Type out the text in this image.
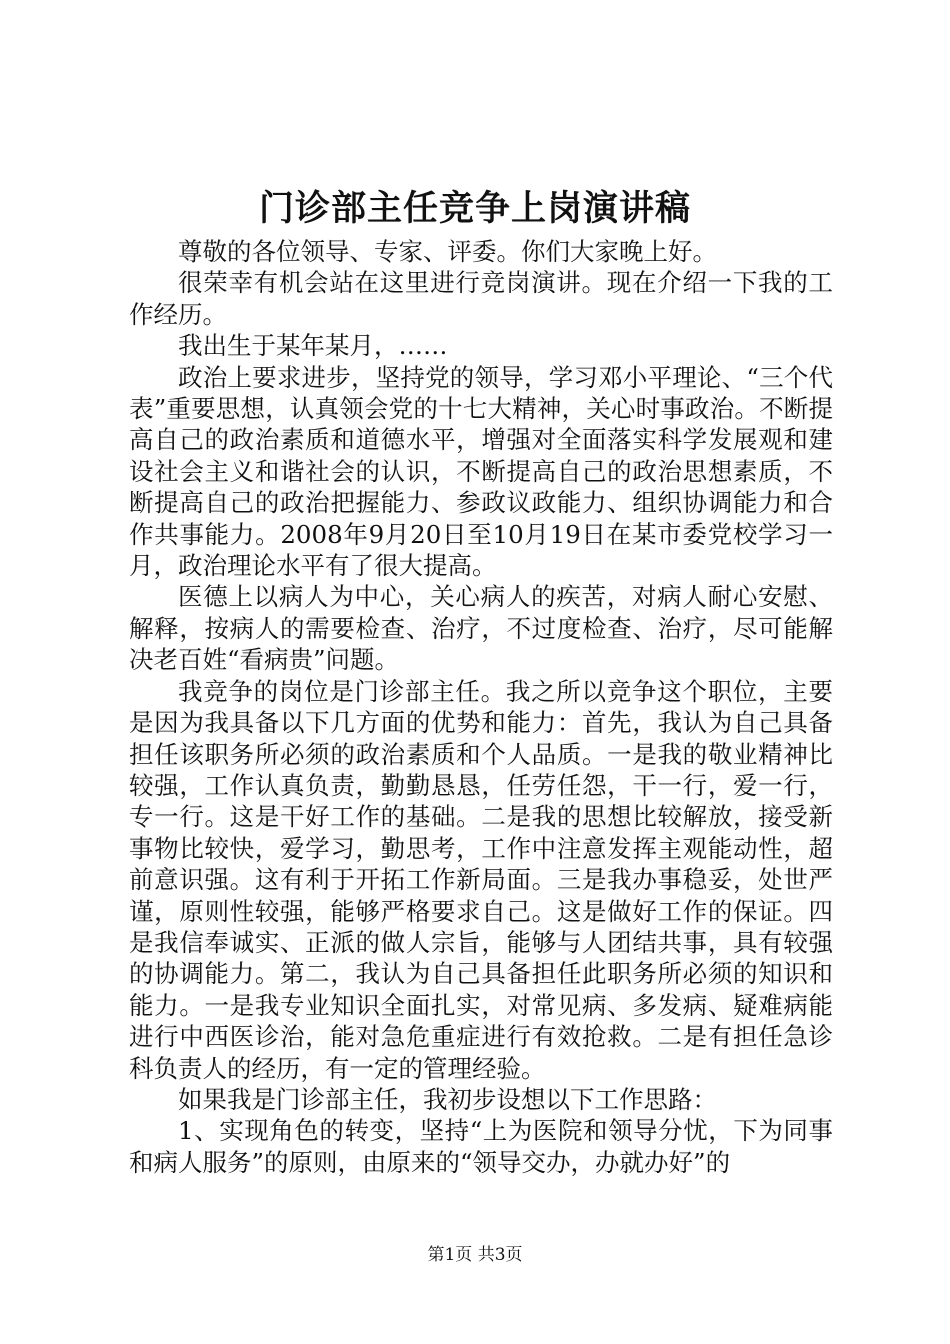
门诊部主任竞争上岗演讲稿

尊敬的各位领导、专家、评委。你们大家晚上好。

很荣幸有机会站在这里进行竞岗演讲。现在介绍一下我的工作经历。

我出生于某年某月，……

政治上要求进步，坚持党的领导，学习邓小平理论、“三个代表”重要思想，认真领会党的十七大精神，关心时事政治。不断提高自己的政治素质和道德水平，增强对全面落实科学发展观和建设社会主义和谐社会的认识，不断提高自己的政治思想素质，不断提高自己的政治把握能力、参政议政能力、组织协调能力和合作共事能力。2008年9月20日至10月19日在某市委党校学习一月，政治理论水平有了很大提高。

医德上以病人为中心，关心病人的疾苦，对病人耐心安慰、解释，按病人的需要检查、治疗，不过度检查、治疗，尽可能解决老百姓“看病贵”问题。

我竞争的岗位是门诊部主任。我之所以竞争这个职位，主要是因为我具备以下几方面的优势和能力：首先，我认为自己具备担任该职务所必须的政治素质和个人品质。一是我的敬业精神比较强，工作认真负责，勤勤恳恳，任劳任怨，干一行，爱一行，专一行。这是干好工作的基础。二是我的思想比较解放，接受新事物比较快，爱学习，勤思考，工作中注意发挥主观能动性，超前意识强。这有利于开拓工作新局面。三是我办事稳妥，处世严谨，原则性较强，能够严格要求自己。这是做好工作的保证。四是我信奉诚实、正派的做人宗旨，能够与人团结共事，具有较强的协调能力。第二，我认为自己具备担任此职务所必须的知识和能力。一是我专业知识全面扎实，对常见病、多发病、疑难病能进行中西医诊治，能对急危重症进行有效抢救。二是有担任急诊科负责人的经历，有一定的管理经验。

如果我是门诊部主任，我初步设想以下工作思路：

1、实现角色的转变，坚持“上为医院和领导分忧，下为同事和病人服务”的原则，由原来的“领导交办，办就办好”的

第1页 共3页
